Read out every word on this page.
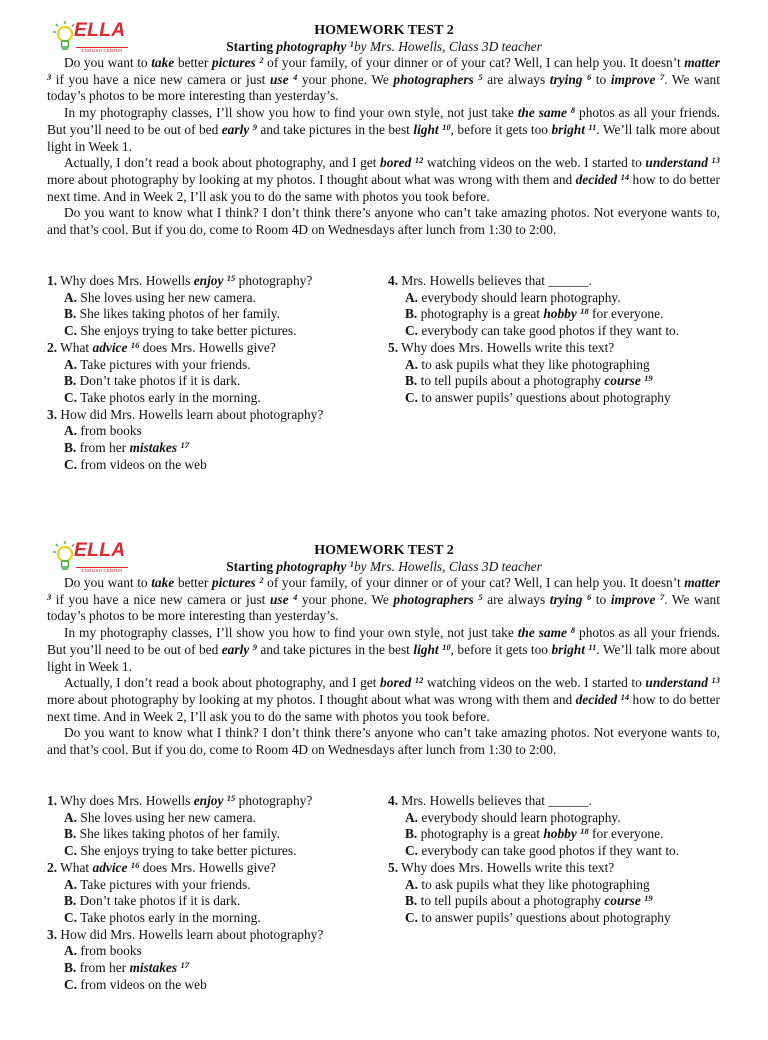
ELLA
ENGLISH CENTER
HOMEWORK TEST 2
Starting photography $^1$by Mrs. Howells, Class 3D teacher

Do you want to take better pictures $^2$ of your family, of your dinner or of your cat? Well, I can help you. It doesn’t matter $^3$ if you have a nice new camera or just use $^4$ your phone. We photographers $^5$ are always trying $^6$ to improve $^7$. We want today’s photos to be more interesting than yesterday’s.

In my photography classes, I’ll show you how to find your own style, not just take the same $^8$ photos as all your friends. But you’ll need to be out of bed early $^9$ and take pictures in the best light $^{10}$, before it gets too bright $^{11}$. We’ll talk more about light in Week 1.

Actually, I don’t read a book about photography, and I get bored $^{12}$ watching videos on the web. I started to understand $^{13}$ more about photography by looking at my photos. I thought about what was wrong with them and decided $^{14}$ how to do better next time. And in Week 2, I’ll ask you to do the same with photos you took before.

Do you want to know what I think? I don’t think there’s anyone who can’t take amazing photos. Not everyone wants to, and that’s cool. But if you do, come to Room 4D on Wednesdays after lunch from 1:30 to 2:00.

1. Why does Mrs. Howells enjoy $^{15}$ photography?
A. She loves using her new camera.
B. She likes taking photos of her family.
C. She enjoys trying to take better pictures.
2. What advice $^{16}$ does Mrs. Howells give?
A. Take pictures with your friends.
B. Don’t take photos if it is dark.
C. Take photos early in the morning.
3. How did Mrs. Howells learn about photography?
A. from books
B. from her mistakes $^{17}$
C. from videos on the web
4. Mrs. Howells believes that ______.
A. everybody should learn photography.
B. photography is a great hobby $^{18}$ for everyone.
C. everybody can take good photos if they want to.
5. Why does Mrs. Howells write this text?
A. to ask pupils what they like photographing
B. to tell pupils about a photography course $^{19}$
C. to answer pupils’ questions about photography
ELLA
ENGLISH CENTER
HOMEWORK TEST 2
Starting photography $^1$by Mrs. Howells, Class 3D teacher

Do you want to take better pictures $^2$ of your family, of your dinner or of your cat? Well, I can help you. It doesn’t matter $^3$ if you have a nice new camera or just use $^4$ your phone. We photographers $^5$ are always trying $^6$ to improve $^7$. We want today’s photos to be more interesting than yesterday’s.

In my photography classes, I’ll show you how to find your own style, not just take the same $^8$ photos as all your friends. But you’ll need to be out of bed early $^9$ and take pictures in the best light $^{10}$, before it gets too bright $^{11}$. We’ll talk more about light in Week 1.

Actually, I don’t read a book about photography, and I get bored $^{12}$ watching videos on the web. I started to understand $^{13}$ more about photography by looking at my photos. I thought about what was wrong with them and decided $^{14}$ how to do better next time. And in Week 2, I’ll ask you to do the same with photos you took before.

Do you want to know what I think? I don’t think there’s anyone who can’t take amazing photos. Not everyone wants to, and that’s cool. But if you do, come to Room 4D on Wednesdays after lunch from 1:30 to 2:00.

1. Why does Mrs. Howells enjoy $^{15}$ photography?
A. She loves using her new camera.
B. She likes taking photos of her family.
C. She enjoys trying to take better pictures.
2. What advice $^{16}$ does Mrs. Howells give?
A. Take pictures with your friends.
B. Don’t take photos if it is dark.
C. Take photos early in the morning.
3. How did Mrs. Howells learn about photography?
A. from books
B. from her mistakes $^{17}$
C. from videos on the web
4. Mrs. Howells believes that ______.
A. everybody should learn photography.
B. photography is a great hobby $^{18}$ for everyone.
C. everybody can take good photos if they want to.
5. Why does Mrs. Howells write this text?
A. to ask pupils what they like photographing
B. to tell pupils about a photography course $^{19}$
C. to answer pupils’ questions about photography
